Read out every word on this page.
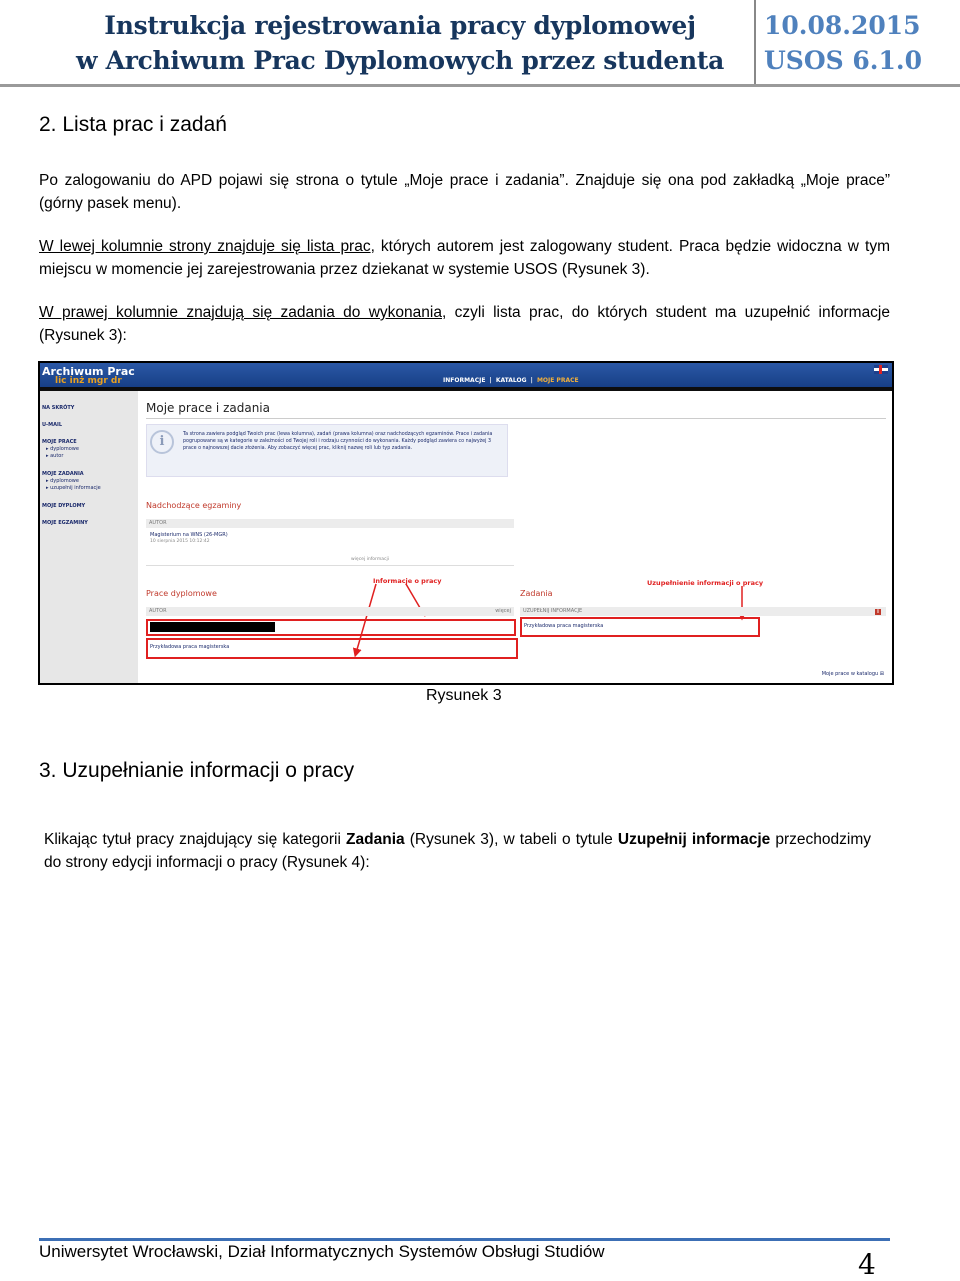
Instrukcja rejestrowania pracy dyplomowej
w Archiwum Prac Dyplomowych przez studenta
10.08.2015
USOS 6.1.0
2. Lista prac i zadań
Po zalogowaniu do APD pojawi się strona o tytule „Moje prace i zadania”. Znajduje się ona pod zakładką „Moje prace” (górny pasek menu).
W lewej kolumnie strony znajduje się lista prac, których autorem jest zalogowany student. Praca będzie widoczna w tym miejscu w momencie jej zarejestrowania przez dziekanat w systemie USOS (Rysunek 3).
W prawej kolumnie znajdują się zadania do wykonania, czyli lista prac, do których student ma uzupełnić informacje (Rysunek 3):
Archiwum Prac
lic inż mgr dr	INFORMACJE | KATALOG | MOJE PRACE
NA SKRÓTY
U-MAIL
MOJE PRACE
▸ dyplomowe
▸ autor
MOJE ZADANIA
▸ dyplomowe
▸ uzupełnij informacje
MOJE DYPLOMY
MOJE EGZAMINY
Moje prace i zadania
i	Ta strona zawiera podgląd Twoich prac (lewa kolumna), zadań (prawa kolumna) oraz nadchodzących egzaminów. Prace i zadania pogrupowane są w kategorie w zależności od Twojej roli i rodzaju czynności do wykonania. Każdy podgląd zawiera co najwyżej 3 prace o najnowszej dacie złożenia. Aby zobaczyć więcej prac, kliknij nazwę roli lub typ zadania.
Nadchodzące egzaminy
AUTOR
Magisterium na WNS (26-MGR)
10 sierpnia 2015 10:12:42
więcej informacji
Informacje o pracy	Uzupełnienie informacji o pracy
Prace dyplomowe	Zadania
AUTOR	więcej	UZUPEŁNIJ INFORMACJE	i
Przykładowa praca magisterska
Przykładowa praca magisterska
Moje prace w katalogu ⊞
Rysunek 3
3. Uzupełnianie informacji o pracy
Klikając tytuł pracy znajdujący się kategorii Zadania (Rysunek 3), w tabeli o tytule Uzupełnij informacje przechodzimy do strony edycji informacji o pracy (Rysunek 4):
Uniwersytet Wrocławski, Dział Informatycznych Systemów Obsługi Studiów	4
